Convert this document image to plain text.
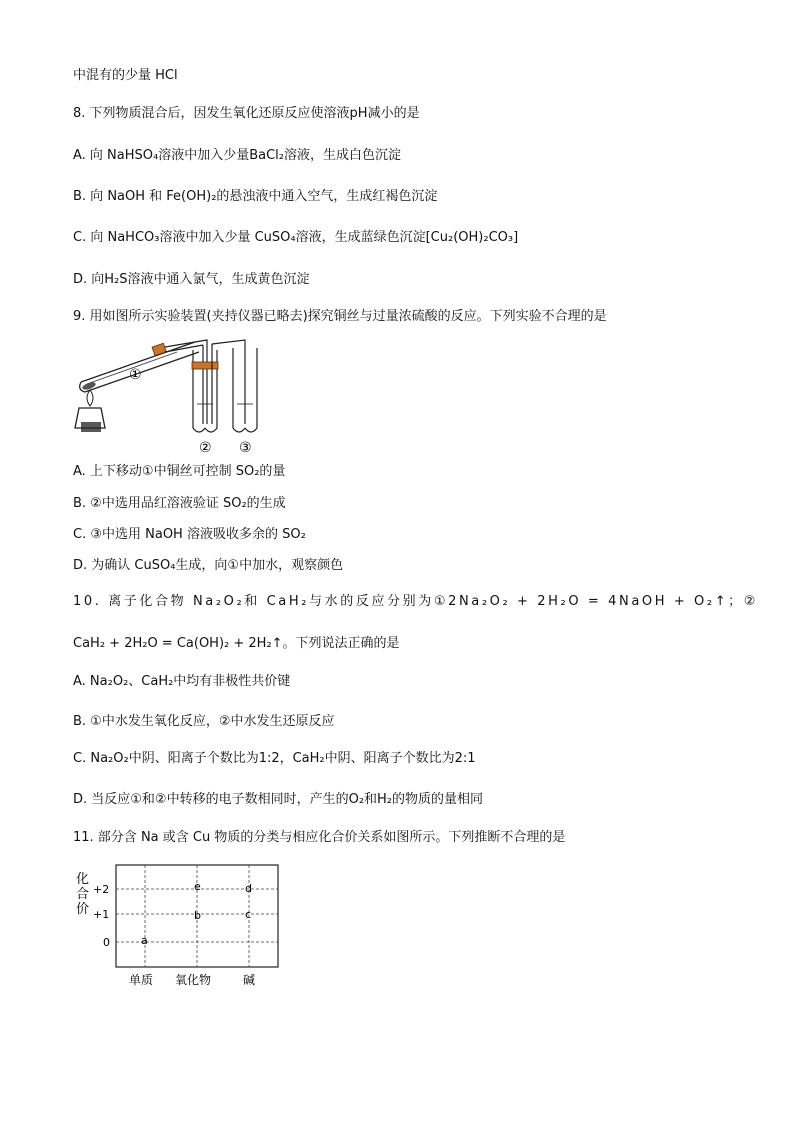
中混有的少量 HCl
8. 下列物质混合后，因发生氧化还原反应使溶液pH减小的是
A. 向 NaHSO₄溶液中加入少量BaCl₂溶液，生成白色沉淀
B. 向 NaOH 和 Fe(OH)₂的悬浊液中通入空气，生成红褐色沉淀
C. 向 NaHCO₃溶液中加入少量 CuSO₄溶液，生成蓝绿色沉淀[Cu₂(OH)₂CO₃]
D. 向H₂S溶液中通入氯气，生成黄色沉淀
9. 用如图所示实验装置(夹持仪器已略去)探究铜丝与过量浓硫酸的反应。下列实验不合理的是
①
② ③
A. 上下移动①中铜丝可控制 SO₂的量
B. ②中选用品红溶液验证 SO₂的生成
C. ③中选用 NaOH 溶液吸收多余的 SO₂
D. 为确认 CuSO₄生成，向①中加水，观察颜色
10. 离子化合物 Na₂O₂和 CaH₂与水的反应分别为①2Na₂O₂ + 2H₂O = 4NaOH + O₂↑；②
CaH₂ + 2H₂O = Ca(OH)₂ + 2H₂↑。下列说法正确的是
A. Na₂O₂、CaH₂中均有非极性共价键
B. ①中水发生氧化反应，②中水发生还原反应
C. Na₂O₂中阴、阳离子个数比为1:2，CaH₂中阴、阳离子个数比为2:1
D. 当反应①和②中转移的电子数相同时，产生的O₂和H₂的物质的量相同
11. 部分含 Na 或含 Cu 物质的分类与相应化合价关系如图所示。下列推断不合理的是
化
合
价
+2
+1
0	a
b
e
c
d
单质 氧化物	碱
